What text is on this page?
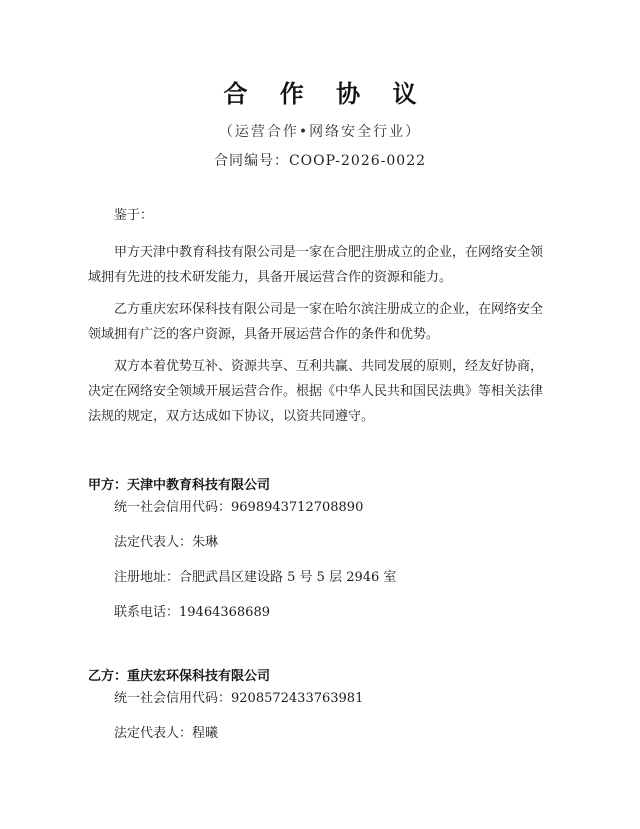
合 作 协 议
（运营合作•网络安全行业）
合同编号：COOP-2026-0022

鉴于：

甲方天津中教育科技有限公司是一家在合肥注册成立的企业，在网络安全领域拥有先进的技术研发能力，具备开展运营合作的资源和能力。

乙方重庆宏环保科技有限公司是一家在哈尔滨注册成立的企业，在网络安全领域拥有广泛的客户资源，具备开展运营合作的条件和优势。

双方本着优势互补、资源共享、互利共赢、共同发展的原则，经友好协商，决定在网络安全领域开展运营合作。根据《中华人民共和国民法典》等相关法律法规的规定，双方达成如下协议，以资共同遵守。

甲方：天津中教育科技有限公司
统一社会信用代码：9698943712708890
法定代表人：朱琳
注册地址：合肥武昌区建设路 5 号 5 层 2946 室
联系电话：19464368689
乙方：重庆宏环保科技有限公司
统一社会信用代码：9208572433763981
法定代表人：程曦
